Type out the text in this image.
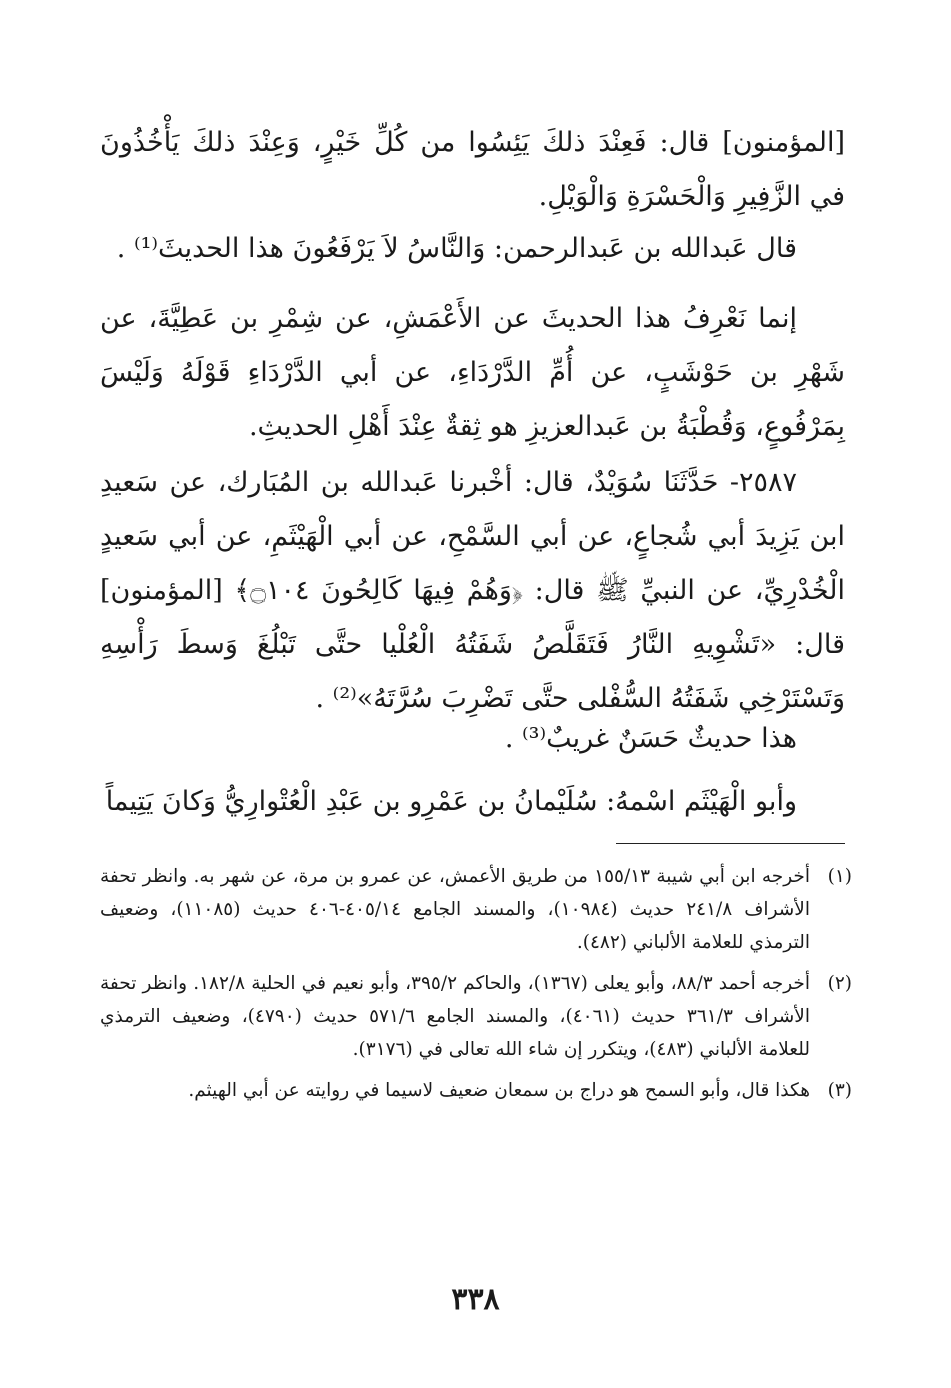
[المؤمنون] قال: فَعِنْدَ ذلكَ يَئِسُوا من كُلِّ خَيْرٍ، وَعِنْدَ ذلكَ يَأْخُذُونَ في الزَّفِيرِ وَالْحَسْرَةِ وَالْوَيْلِ.

قال عَبدالله بن عَبدالرحمن: وَالنَّاسُ لاَ يَرْفَعُونَ هذا الحديثَ⁽¹⁾ .

إنما نَعْرِفُ هذا الحديثَ عن الأَعْمَشِ، عن شِمْرِ بن عَطِيَّةَ، عن شَهْرِ بن حَوْشَبٍ، عن أُمِّ الدَّرْدَاءِ، عن أبي الدَّرْدَاءِ قَوْلَهُ وَلَيْسَ بِمَرْفُوعٍ، وَقُطْبَةُ بن عَبدالعزيزِ هو ثِقةٌ عِنْدَ أَهْلِ الحديثِ.

٢٥٨٧- حَدَّثَنَا سُوَيْدٌ، قال: أخْبرنا عَبدالله بن المُبَارك، عن سَعيدِ ابن يَزِيدَ أبي شُجاعٍ، عن أبي السَّمْحِ، عن أبي الْهَيْثَمِ، عن أبي سَعيدٍ الْخُدْرِيِّ، عن النبيِّ ﷺ قال: ﴿وَهُمْ فِيهَا كَالِحُونَ ۝١٠٤﴾ [المؤمنون] قال: «تَشْوِيهِ النَّارُ فَتَقَلَّصُ شَفَتُهُ الْعُلْيا حتَّى تَبْلُغَ وَسطَ رَأْسِهِ وَتَسْتَرْخِي شَفَتُهُ السُّفْلى حتَّى تَضْرِبَ سُرَّتَهُ»⁽²⁾ .

هذا حديثٌ حَسَنٌ غريبٌ⁽³⁾ .

وأبو الْهَيْثَم اسْمهُ: سُلَيْمانُ بن عَمْرِو بن عَبْدِ الْعُتْوارِيُّ وَكانَ يَتِيماً

(١)
أخرجه ابن أبي شيبة ١٥٥/١٣ من طريق الأعمش، عن عمرو بن مرة، عن شهر به. وانظر تحفة الأشراف ٢٤١/٨ حديث (١٠٩٨٤)، والمسند الجامع ٤٠٥/١٤-٤٠٦ حديث (١١٠٨٥)، وضعيف الترمذي للعلامة الألباني (٤٨٢).
(٢)
أخرجه أحمد ٨٨/٣، وأبو يعلى (١٣٦٧)، والحاكم ٣٩٥/٢، وأبو نعيم في الحلية ١٨٢/٨. وانظر تحفة الأشراف ٣٦١/٣ حديث (٤٠٦١)، والمسند الجامع ٥٧١/٦ حديث (٤٧٩٠)، وضعيف الترمذي للعلامة الألباني (٤٨٣)، ويتكرر إن شاء الله تعالى في (٣١٧٦).
(٣)
هكذا قال، وأبو السمح هو دراج بن سمعان ضعيف لاسيما في روايته عن أبي الهيثم.
٣٣٨
